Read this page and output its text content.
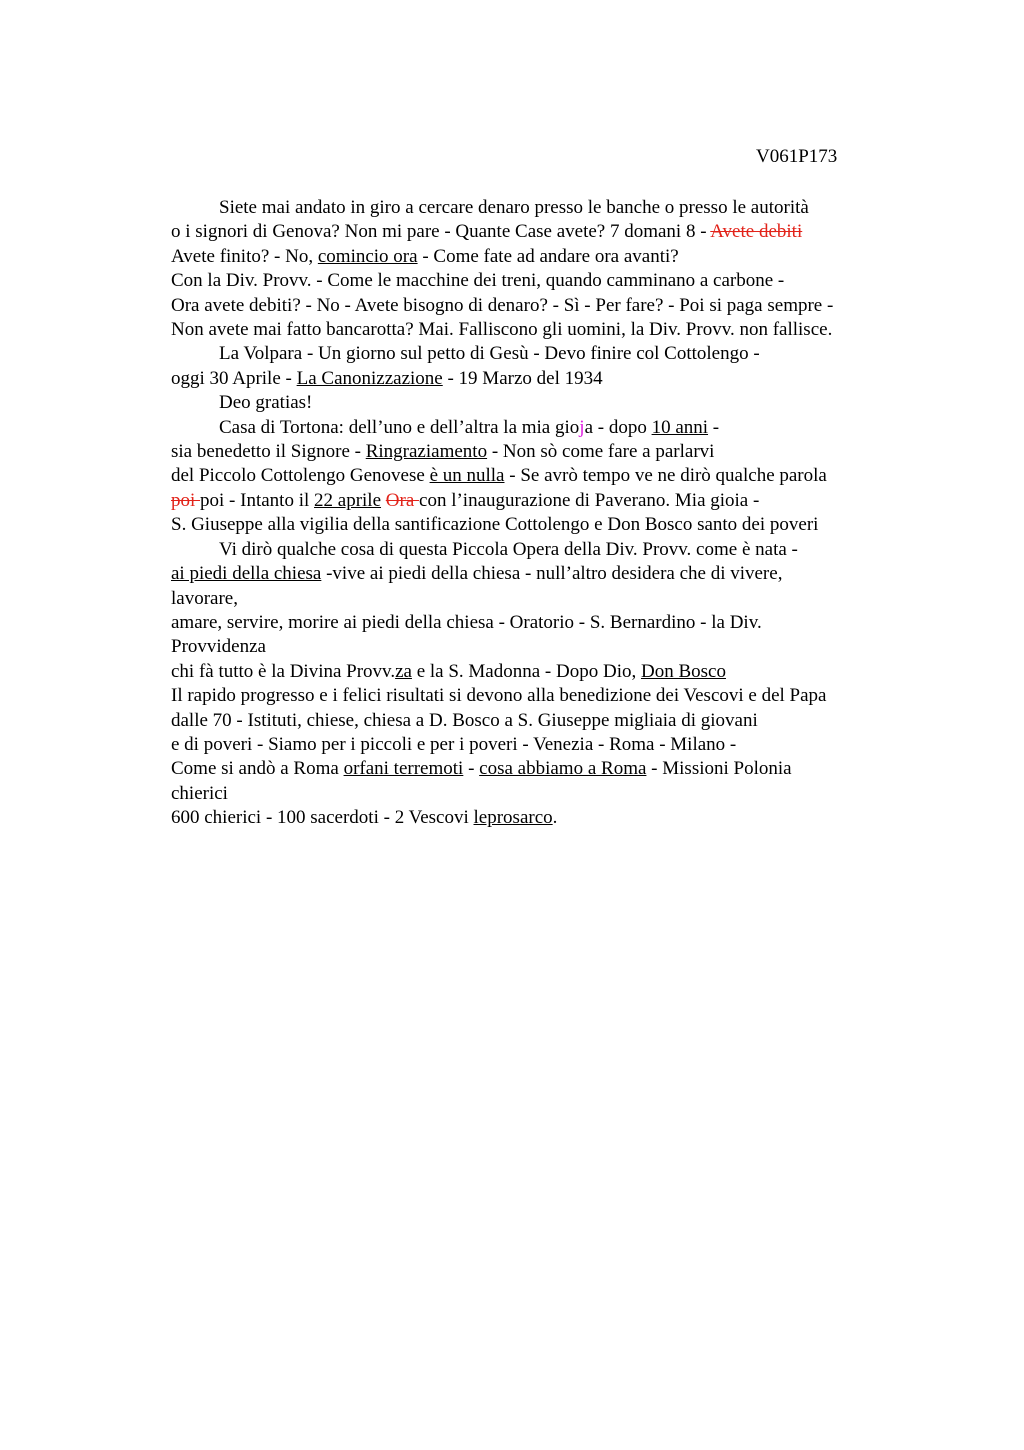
V061P173
Siete mai andato in giro a cercare denaro presso le banche o presso le autorità
o i signori di Genova? Non mi pare - Quante Case avete? 7 domani 8 - Avete debiti
Avete finito? - No, comincio ora - Come fate ad andare ora avanti?
Con la Div. Provv. - Come le macchine dei treni, quando camminano a carbone -
Ora avete debiti? - No - Avete bisogno di denaro? - Sì - Per fare? - Poi si paga sempre -
Non avete mai fatto bancarotta? Mai. Falliscono gli uomini, la Div. Provv. non fallisce.
La Volpara - Un giorno sul petto di Gesù - Devo finire col Cottolengo -
oggi 30 Aprile - La Canonizzazione - 19 Marzo del 1934
Deo gratias!
Casa di Tortona: dell’uno e dell’altra la mia gioja - dopo 10 anni -
sia benedetto il Signore - Ringraziamento - Non sò come fare a parlarvi
del Piccolo Cottolengo Genovese è un nulla - Se avrò tempo ve ne dirò qualche parola
poi poi - Intanto il 22 aprile Ora con l’inaugurazione di Paverano. Mia gioia -
S. Giuseppe alla vigilia della santificazione Cottolengo e Don Bosco santo dei poveri
Vi dirò qualche cosa di questa Piccola Opera della Div. Provv. come è nata -
ai piedi della chiesa -vive ai piedi della chiesa - null’altro desidera che di vivere,
lavorare,
amare, servire, morire ai piedi della chiesa - Oratorio - S. Bernardino - la Div.
Provvidenza
chi fà tutto è la Divina Provv.za e la S. Madonna - Dopo Dio, Don Bosco
Il rapido progresso e i felici risultati si devono alla benedizione dei Vescovi e del Papa
dalle 70 - Istituti, chiese, chiesa a D. Bosco a S. Giuseppe migliaia di giovani
e di poveri - Siamo per i piccoli e per i poveri - Venezia - Roma - Milano -
Come si andò a Roma orfani terremoti - cosa abbiamo a Roma - Missioni Polonia
chierici
600 chierici - 100 sacerdoti - 2 Vescovi leprosarco.
